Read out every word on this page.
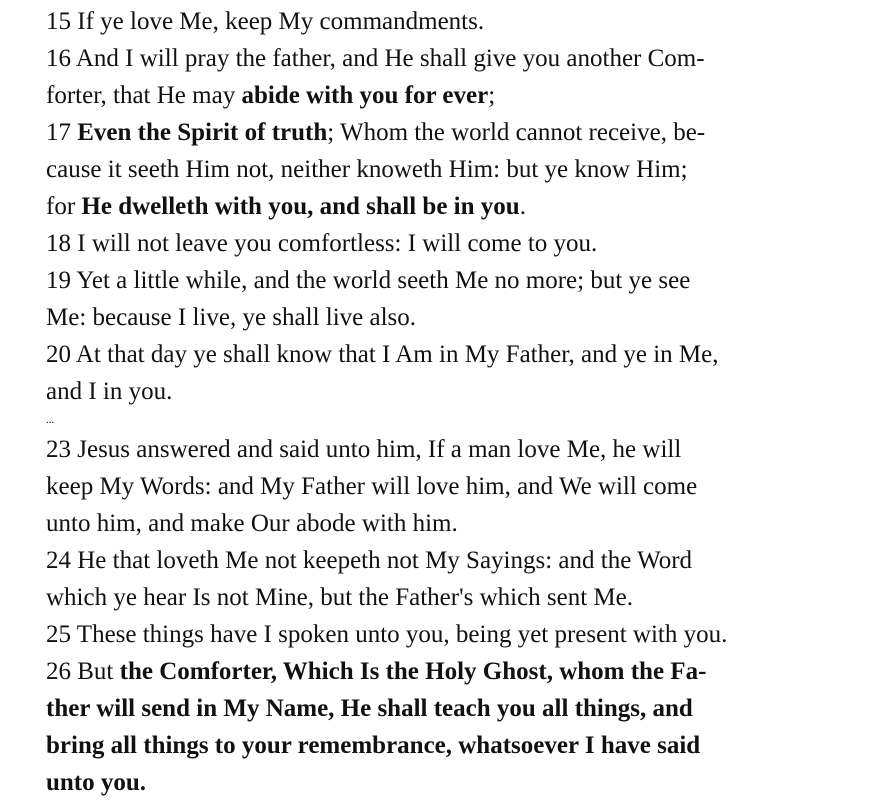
15 If ye love Me, keep My commandments.
16 And I will pray the father, and He shall give you another Com-
forter, that He may abide with you for ever;
17 Even the Spirit of truth; Whom the world cannot receive, be-
cause it seeth Him not, neither knoweth Him: but ye know Him;
for He dwelleth with you, and shall be in you.
18 I will not leave you comfortless: I will come to you.
19 Yet a little while, and the world seeth Me no more; but ye see
Me: because I live, ye shall live also.
20 At that day ye shall know that I Am in My Father, and ye in Me,
and I in you.
...
23 Jesus answered and said unto him, If a man love Me, he will
keep My Words: and My Father will love him, and We will come
unto him, and make Our abode with him.
24 He that loveth Me not keepeth not My Sayings: and the Word
which ye hear Is not Mine, but the Father's which sent Me.
25 These things have I spoken unto you, being yet present with you.
26 But the Comforter, Which Is the Holy Ghost, whom the Fa-
ther will send in My Name, He shall teach you all things, and
bring all things to your remembrance, whatsoever I have said
unto you.
